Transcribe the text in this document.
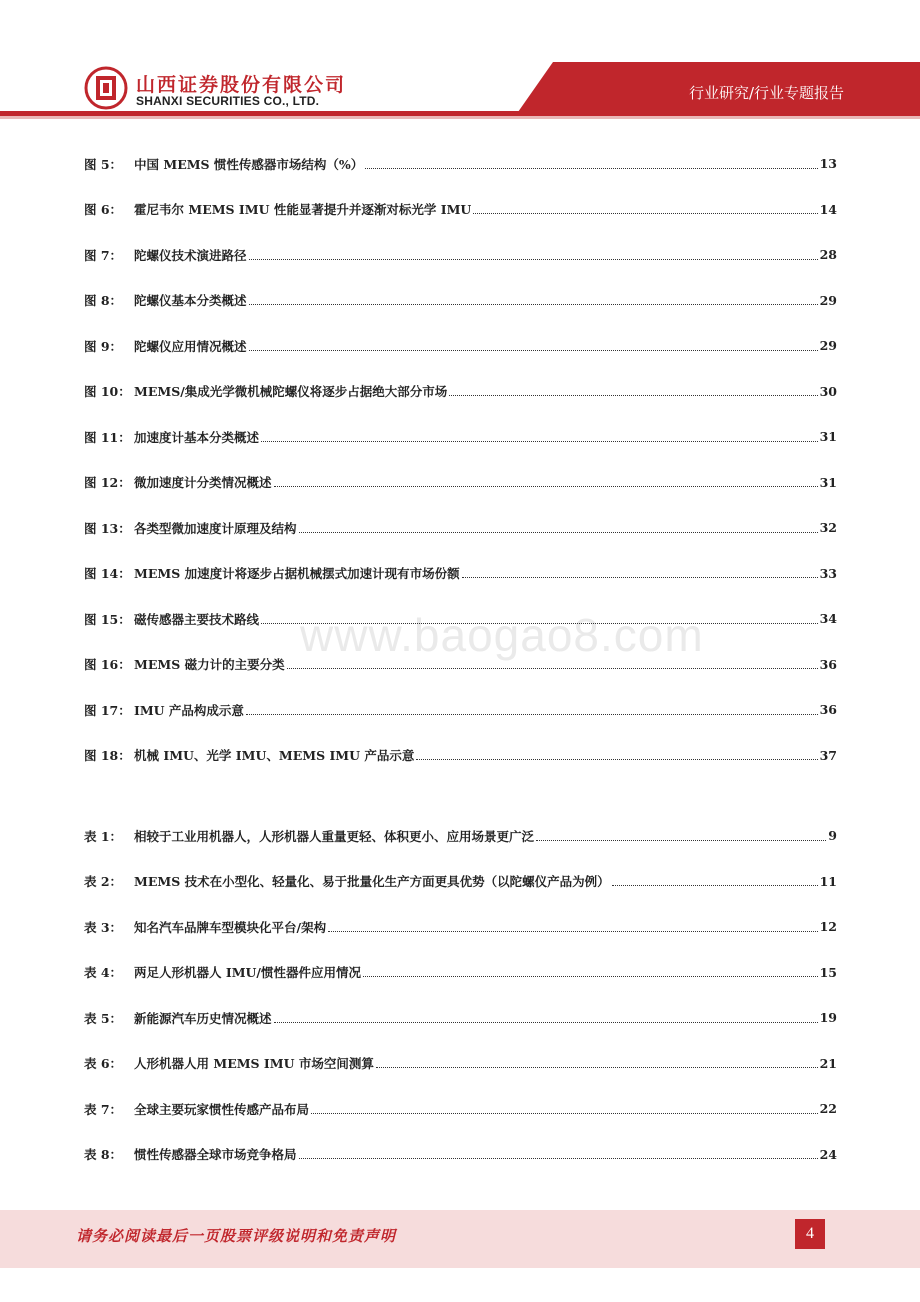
山西证券股份有限公司
SHANXI SECURITIES CO., LTD.	行业研究/行业专题报告
www.baogao8.com
图 5： 中国 MEMS 惯性传感器市场结构（%）	13
图 6： 霍尼韦尔 MEMS IMU 性能显著提升并逐渐对标光学 IMU	14
图 7： 陀螺仪技术演进路径	28
图 8： 陀螺仪基本分类概述	29
图 9： 陀螺仪应用情况概述	29
图 10： MEMS/集成光学微机械陀螺仪将逐步占据绝大部分市场	30
图 11： 加速度计基本分类概述	31
图 12： 微加速度计分类情况概述	31
图 13： 各类型微加速度计原理及结构	32
图 14： MEMS 加速度计将逐步占据机械摆式加速计现有市场份额	33
图 15： 磁传感器主要技术路线	34
图 16： MEMS 磁力计的主要分类	36
图 17： IMU 产品构成示意	36
图 18： 机械 IMU、光学 IMU、MEMS IMU 产品示意	37
表 1： 相较于工业用机器人，人形机器人重量更轻、体积更小、应用场景更广泛	9
表 2： MEMS 技术在小型化、轻量化、易于批量化生产方面更具优势（以陀螺仪产品为例）	11
表 3： 知名汽车品牌车型模块化平台/架构	12
表 4： 两足人形机器人 IMU/惯性器件应用情况	15
表 5： 新能源汽车历史情况概述	19
表 6： 人形机器人用 MEMS IMU 市场空间测算	21
表 7： 全球主要玩家惯性传感产品布局	22
表 8： 惯性传感器全球市场竞争格局	24
请务必阅读最后一页股票评级说明和免责声明	4
